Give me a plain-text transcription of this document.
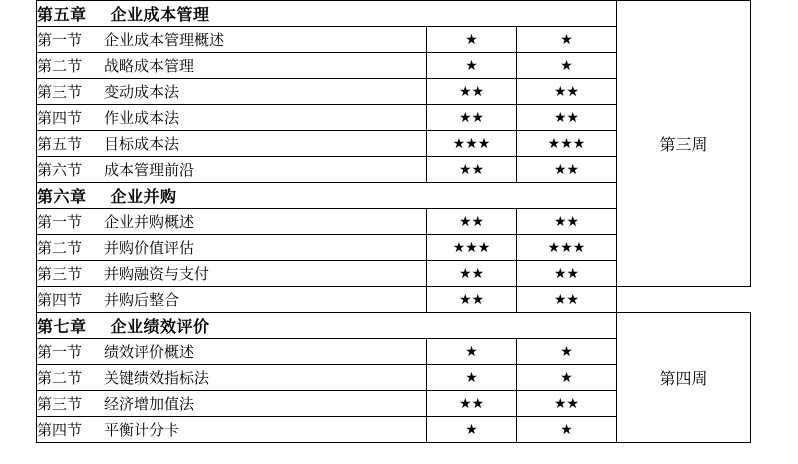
第五章 企业成本管理			第三周
第一节 企业成本管理概述	★	★	
第二节 战略成本管理	★	★	
第三节 变动成本法	★★	★★	
第四节 作业成本法	★★	★★	
第五节 目标成本法	★★★	★★★	
第六节 成本管理前沿	★★	★★	
第六章 企业并购			
第一节 企业并购概述	★★	★★	
第二节 并购价值评估	★★★	★★★	
第三节 并购融资与支付	★★	★★	
第四节 并购后整合	★★	★★	
第七章 企业绩效评价			第四周
第一节 绩效评价概述	★	★	
第二节 关键绩效指标法	★	★	
第三节 经济增加值法	★★	★★	
第四节 平衡计分卡	★	★	
